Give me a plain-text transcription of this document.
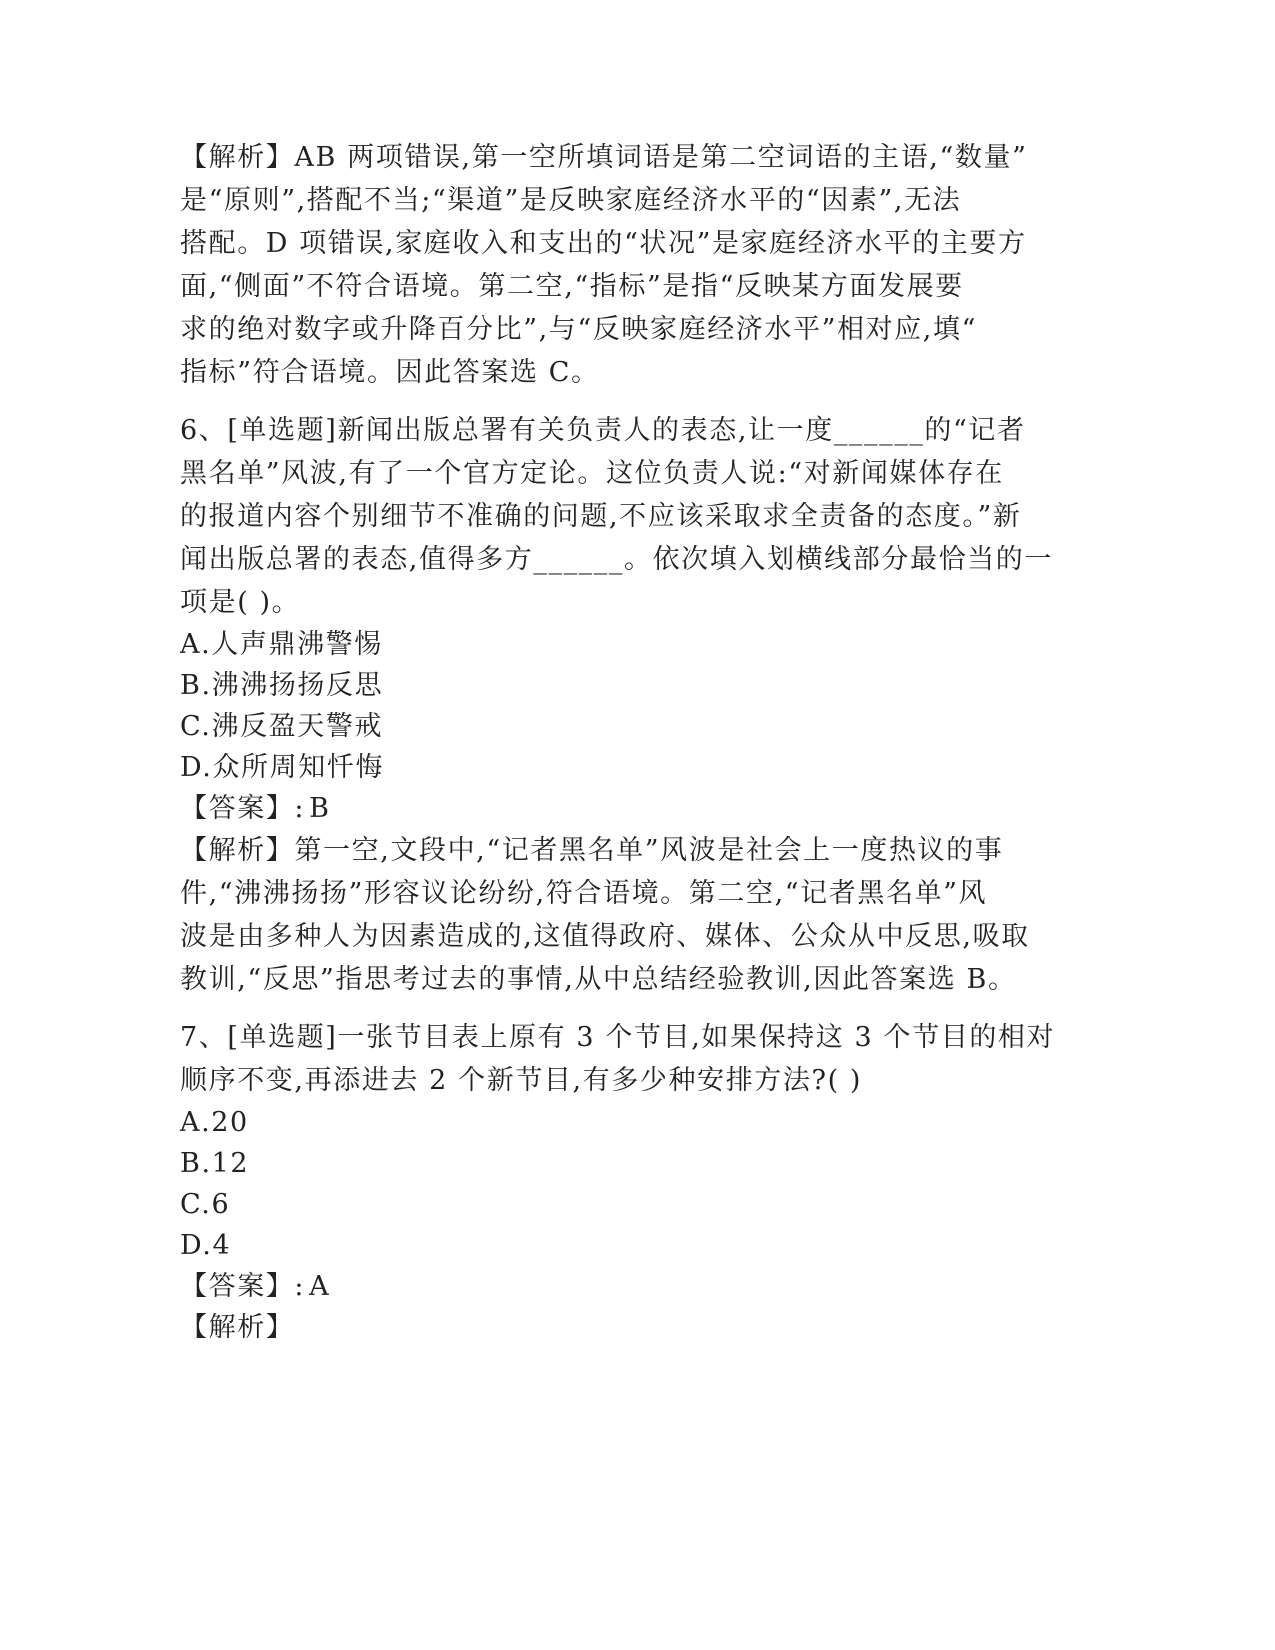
【解析】AB 两项错误,第一空所填词语是第二空词语的主语,“数量”
是“原则”,搭配不当;“渠道”是反映家庭经济水平的“因素”,无法
搭配。D 项错误,家庭收入和支出的“状况”是家庭经济水平的主要方
面,“侧面”不符合语境。第二空,“指标”是指“反映某方面发展要
求的绝对数字或升降百分比”,与“反映家庭经济水平”相对应,填“
指标”符合语境。因此答案选 C。
6、[单选题]新闻出版总署有关负责人的表态,让一度______的“记者
黑名单”风波,有了一个官方定论。这位负责人说:“对新闻媒体存在
的报道内容个别细节不准确的问题,不应该采取求全责备的态度。”新
闻出版总署的表态,值得多方______。依次填入划横线部分最恰当的一
项是( )。
A.人声鼎沸警惕
B.沸沸扬扬反思
C.沸反盈天警戒
D.众所周知忏悔
【答案】: B
【解析】第一空,文段中,“记者黑名单”风波是社会上一度热议的事
件,“沸沸扬扬”形容议论纷纷,符合语境。第二空,“记者黑名单”风
波是由多种人为因素造成的,这值得政府、媒体、公众从中反思,吸取
教训,“反思”指思考过去的事情,从中总结经验教训,因此答案选 B。
7、[单选题]一张节目表上原有 3 个节目,如果保持这 3 个节目的相对
顺序不变,再添进去 2 个新节目,有多少种安排方法?( )
A.20
B.12
C.6
D.4
【答案】: A
【解析】
